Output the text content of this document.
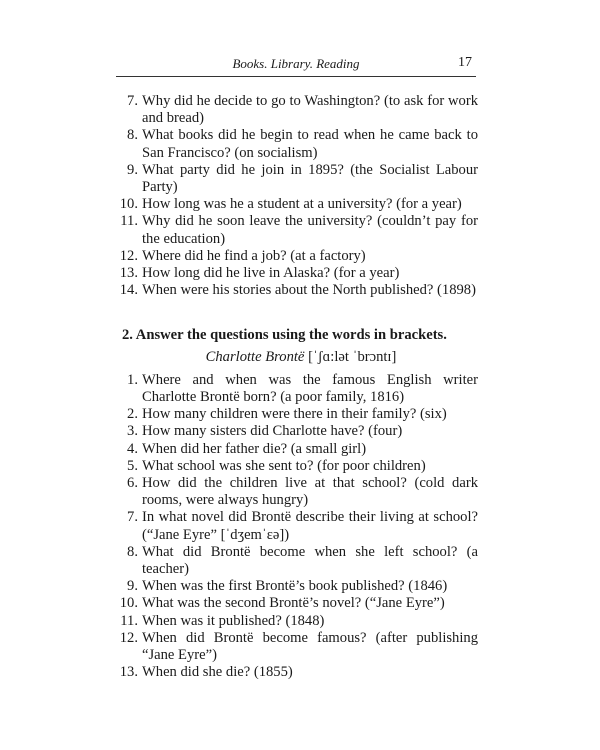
Books. Library. Reading	17
7. Why did he decide to go to Washington? (to ask for work and bread)
8. What books did he begin to read when he came back to San Francisco? (on socialism)
9. What party did he join in 1895? (the Socialist Labour Party)
10. How long was he a student at a university? (for a year)
11. Why did he soon leave the university? (couldn’t pay for the education)
12. Where did he find a job? (at a factory)
13. How long did he live in Alaska? (for a year)
14. When were his stories about the North published? (1898)
2. Answer the questions using the words in brackets.
Charlotte Brontë [ˈʃɑ:lət ˈbrɔntɪ]
1. Where and when was the famous English writer Charlotte Brontë born? (a poor family, 1816)
2. How many children were there in their family? (six)
3. How many sisters did Charlotte have? (four)
4. When did her father die? (a small girl)
5. What school was she sent to? (for poor children)
6. How did the children live at that school? (cold dark rooms, were always hungry)
7. In what novel did Brontë describe their living at school? (“Jane Eyre” [ˈdʒemˈɛə])
8. What did Brontë become when she left school? (a teacher)
9. When was the first Brontë’s book published? (1846)
10. What was the second Brontë’s novel? (“Jane Eyre”)
11. When was it published? (1848)
12. When did Brontë become famous? (after publishing “Jane Eyre”)
13. When did she die? (1855)
